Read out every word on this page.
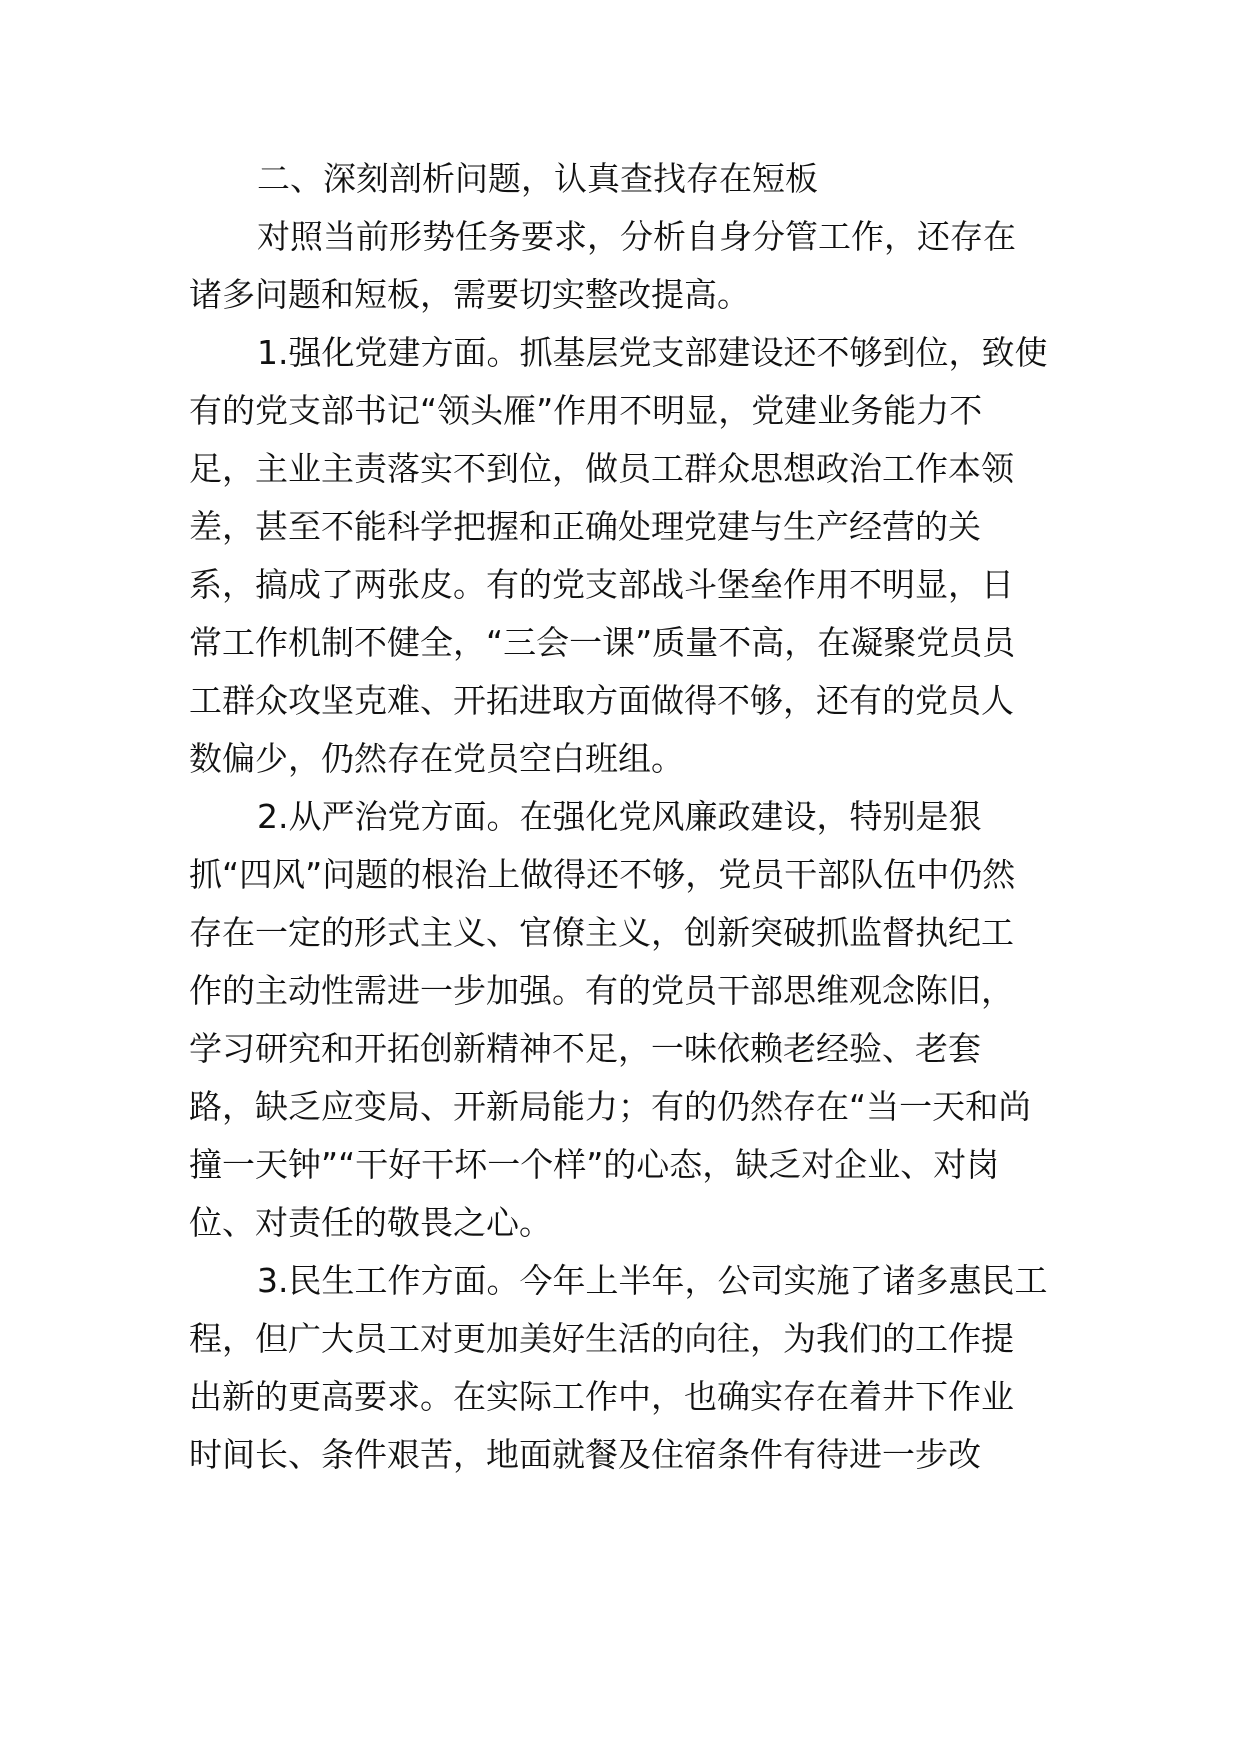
二、深刻剖析问题，认真查找存在短板
对照当前形势任务要求，分析自身分管工作，还存在
诸多问题和短板，需要切实整改提高。
1.强化党建方面。抓基层党支部建设还不够到位，致使
有的党支部书记“领头雁”作用不明显，党建业务能力不
足，主业主责落实不到位，做员工群众思想政治工作本领
差，甚至不能科学把握和正确处理党建与生产经营的关
系，搞成了两张皮。有的党支部战斗堡垒作用不明显，日
常工作机制不健全，“三会一课”质量不高，在凝聚党员员
工群众攻坚克难、开拓进取方面做得不够，还有的党员人
数偏少，仍然存在党员空白班组。
2.从严治党方面。在强化党风廉政建设，特别是狠
抓“四风”问题的根治上做得还不够，党员干部队伍中仍然
存在一定的形式主义、官僚主义，创新突破抓监督执纪工
作的主动性需进一步加强。有的党员干部思维观念陈旧，
学习研究和开拓创新精神不足，一味依赖老经验、老套
路，缺乏应变局、开新局能力；有的仍然存在“当一天和尚
撞一天钟”“干好干坏一个样”的心态，缺乏对企业、对岗
位、对责任的敬畏之心。
3.民生工作方面。今年上半年，公司实施了诸多惠民工
程，但广大员工对更加美好生活的向往，为我们的工作提
出新的更高要求。在实际工作中，也确实存在着井下作业
时间长、条件艰苦，地面就餐及住宿条件有待进一步改
